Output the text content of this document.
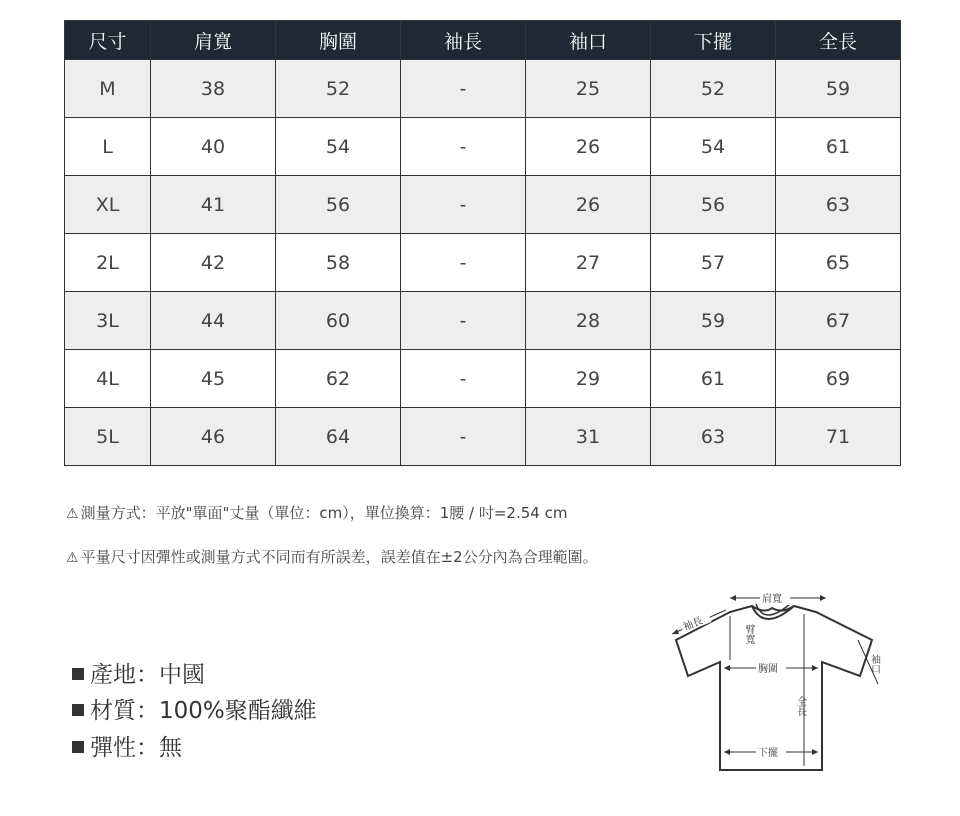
尺寸	肩寬	胸圍	袖長	袖口	下擺	全長
M	38	52	-	25	52	59
L	40	54	-	26	54	61
XL	41	56	-	26	56	63
2L	42	58	-	27	57	65
3L	44	60	-	28	59	67
4L	45	62	-	29	61	69
5L	46	64	-	31	63	71
⚠ 測量方式：平放"單面"丈量（單位：cm），單位換算：1腰 / 吋=2.54 cm
⚠ 平量尺寸因彈性或測量方式不同而有所誤差，誤差值在±2公分內為合理範圍。
產地：中國
材質：100%聚酯纖維
彈性：無
肩寬
袖長	臂寬
胸圍
全長
袖口
下擺
